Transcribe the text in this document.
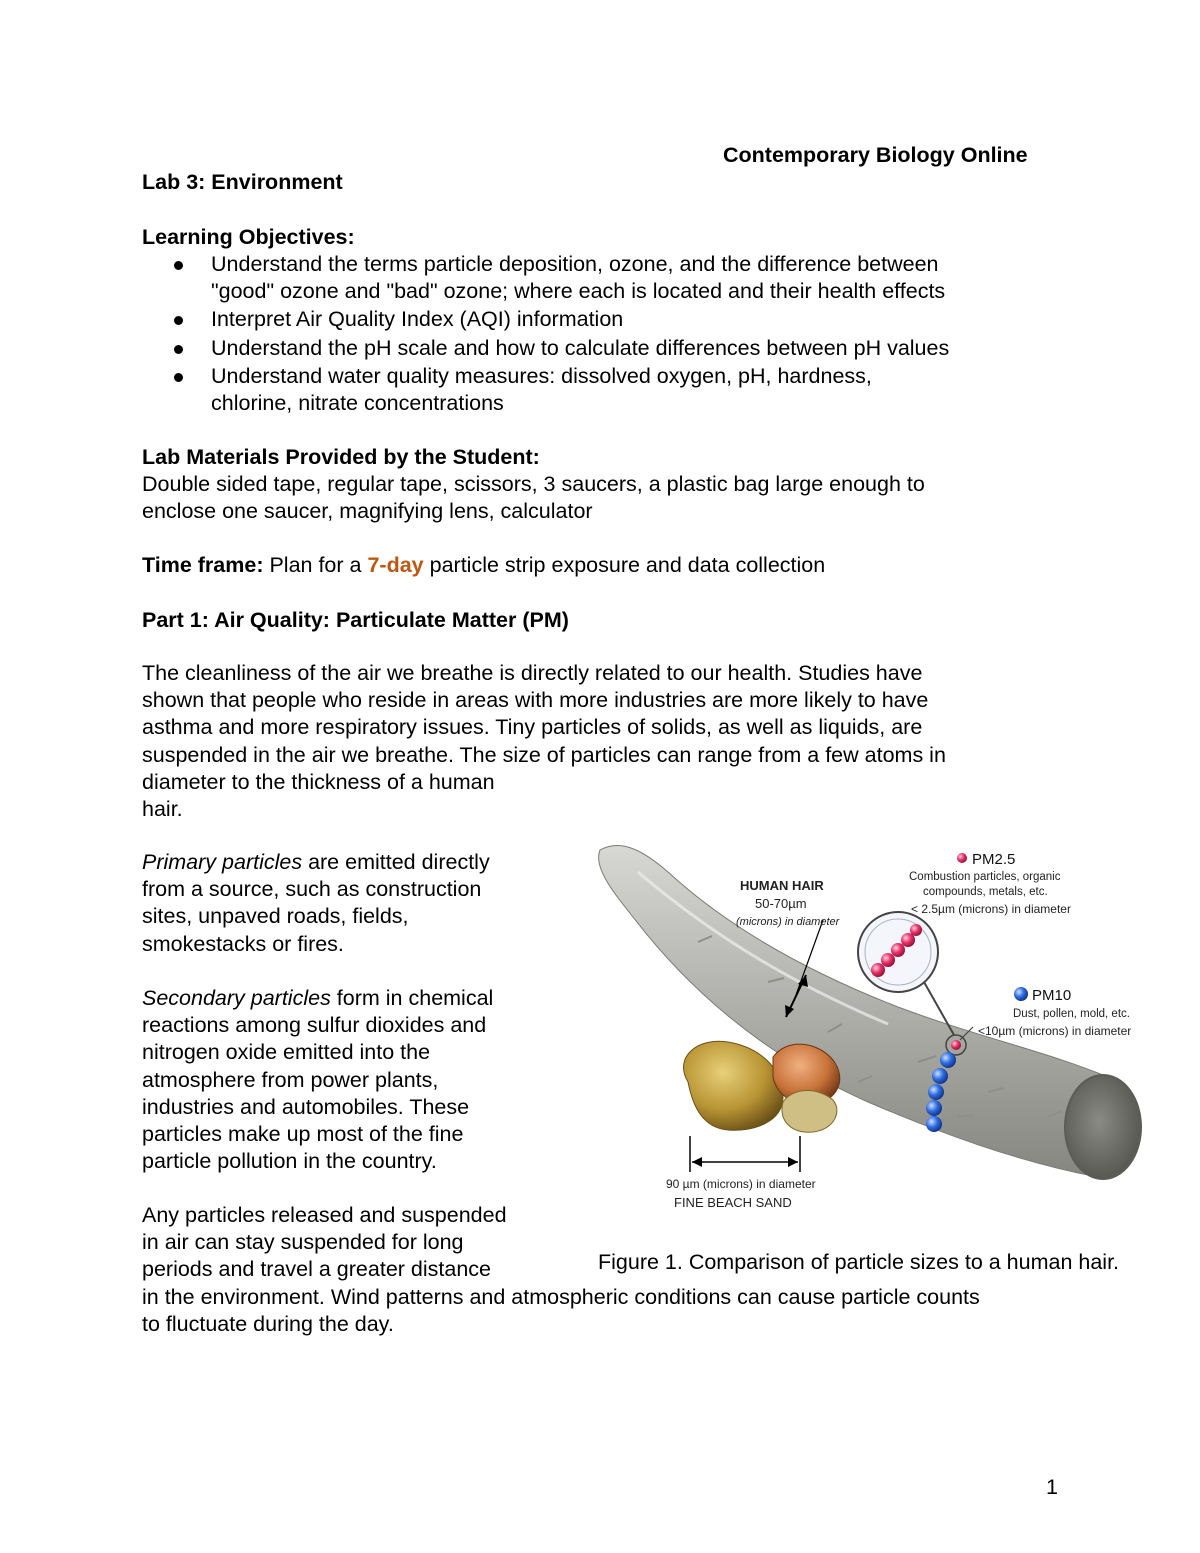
Contemporary Biology Online

Lab 3: Environment

Learning Objectives:

Understand the terms particle deposition, ozone, and the difference between
"good" ozone and "bad" ozone; where each is located and their health effects
Interpret Air Quality Index (AQI) information
Understand the pH scale and how to calculate differences between pH values
Understand water quality measures: dissolved oxygen, pH, hardness,
chlorine, nitrate concentrations

Lab Materials Provided by the Student:

Double sided tape, regular tape, scissors, 3 saucers, a plastic bag large enough to

enclose one saucer, magnifying lens, calculator

Time frame: Plan for a 7-day particle strip exposure and data collection

Part 1: Air Quality: Particulate Matter (PM)

The cleanliness of the air we breathe is directly related to our health. Studies have
shown that people who reside in areas with more industries are more likely to have
asthma and more respiratory issues. Tiny particles of solids, as well as liquids, are
suspended in the air we breathe. The size of particles can range from a few atoms in
diameter to the thickness of a human
hair.
Primary particles are emitted directly
from a source, such as construction
sites, unpaved roads, fields,
smokestacks or fires.
Secondary particles form in chemical
reactions among sulfur dioxides and
nitrogen oxide emitted into the
atmosphere from power plants,
industries and automobiles. These
particles make up most of the fine
particle pollution in the country.
Any particles released and suspended
in air can stay suspended for long
periods and travel a greater distance
in the environment. Wind patterns and atmospheric conditions can cause particle counts
to fluctuate during the day.
HUMAN HAIR
50-70µm
(microns) in diameter
PM2.5
Combustion particles, organic
compounds, metals, etc.
< 2.5µm (microns) in diameter
PM10
Dust, pollen, mold, etc.
<10µm (microns) in diameter
90 µm (microns) in diameter
FINE BEACH SAND

Figure 1. Comparison of particle sizes to a human hair.

1
